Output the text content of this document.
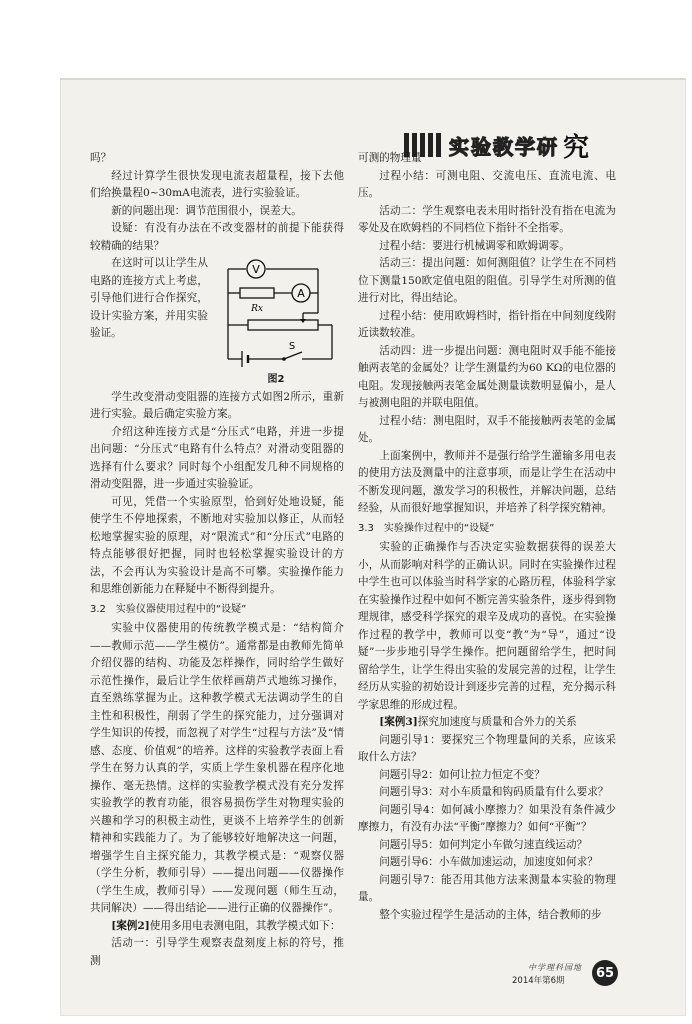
实验教学研 究

吗？

经过计算学生很快发现电流表超量程，接下去他们给换量程0~30mA电流表，进行实验验证。

新的问题出现：调节范围很小，误差大。

设疑：有没有办法在不改变器材的前提下能获得较精确的结果？

在这时可以让学生从电路的连接方式上考虑，引导他们进行合作探究，设计实验方案，并用实验验证。

V
A
Rx
S
图2

学生改变滑动变阻器的连接方式如图2所示，重新进行实验。最后确定实验方案。

介绍这种连接方式是“分压式”电路，并进一步提出问题：“分压式”电路有什么特点？对滑动变阻器的选择有什么要求？同时每个小组配发几种不同规格的滑动变阻器，进一步通过实验验证。

可见，凭借一个实验原型，恰到好处地设疑，能使学生不停地探索，不断地对实验加以修正，从而轻松地掌握实验的原理，对“限流式”和“分压式”电路的特点能够很好把握，同时也轻松掌握实验设计的方法，不会再认为实验设计是高不可攀。实验操作能力和思维创新能力在释疑中不断得到提升。

3.2　实验仪器使用过程中的“设疑”

实验中仪器使用的传统教学模式是：“结构简介——教师示范——学生模仿”。通常都是由教师先简单介绍仪器的结构、功能及怎样操作，同时给学生做好示范性操作，最后让学生依样画葫芦式地练习操作，直至熟练掌握为止。这种教学模式无法调动学生的自主性和积极性，削弱了学生的探究能力，过分强调对学生知识的传授，而忽视了对学生“过程与方法”及“情感、态度、价值观”的培养。这样的实验教学表面上看学生在努力认真的学，实质上学生象机器在程序化地操作、毫无热情。这样的实验教学模式没有充分发挥实验教学的教育功能，很容易损伤学生对物理实验的兴趣和学习的积极主动性，更谈不上培养学生的创新精神和实践能力了。为了能够较好地解决这一问题，增强学生自主探究能力，其教学模式是：“观察仪器（学生分析，教师引导）——提出问题——仪器操作（学生生成，教师引导）——发现问题（师生互动，共同解决）——得出结论——进行正确的仪器操作”。

[案例2]使用多用电表测电阻，其教学模式如下：

活动一：引导学生观察表盘刻度上标的符号，推测

可测的物理量

过程小结：可测电阻、交流电压、直流电流、电压。

活动二：学生观察电表未用时指针没有指在电流为零处及在欧姆档的不同档位下指针不全指零。

过程小结：要进行机械调零和欧姆调零。

活动三：提出问题：如何测阻值？让学生在不同档位下测量150欧定值电阻的阻值。引导学生对所测的值进行对比，得出结论。

过程小结：使用欧姆档时，指针指在中间刻度线附近读数较准。

活动四：进一步提出问题：测电阻时双手能不能接触两表笔的金属处？让学生测量约为60 KΩ的电位器的电阻。发现接触两表笔金属处测量读数明显偏小，是人与被测电阻的并联电阻值。

过程小结：测电阻时，双手不能接触两表笔的金属处。

上面案例中，教师并不是强行给学生灌输多用电表的使用方法及测量中的注意事项，而是让学生在活动中不断发现问题，激发学习的积极性，并解决问题，总结经验，从而很好地掌握知识，并培养了科学探究精神。

3.3　实验操作过程中的“设疑”

实验的正确操作与否决定实验数据获得的误差大小，从而影响对科学的正确认识。同时在实验操作过程中学生也可以体验当时科学家的心路历程，体验科学家在实验操作过程中如何不断完善实验条件，逐步得到物理规律，感受科学探究的艰辛及成功的喜悦。在实验操作过程的教学中，教师可以变“教”为“导”，通过“设疑”一步步地引导学生操作。把问题留给学生，把时间留给学生，让学生得出实验的发展完善的过程，让学生经历从实验的初始设计到逐步完善的过程，充分揭示科学家思维的形成过程。

[案例3]探究加速度与质量和合外力的关系

问题引导1：要探究三个物理量间的关系，应该采取什么方法？

问题引导2：如何让拉力恒定不变？

问题引导3：对小车质量和钩码质量有什么要求？

问题引导4：如何减小摩擦力？如果没有条件减少摩擦力，有没有办法“平衡”摩擦力？如何“平衡”？

问题引导5：如何判定小车做匀速直线运动？

问题引导6：小车做加速运动，加速度如何求？

问题引导7：能否用其他方法来测量本实验的物理量。

整个实验过程学生是活动的主体，结合教师的步

中学理科园地
2014年第6期
65
